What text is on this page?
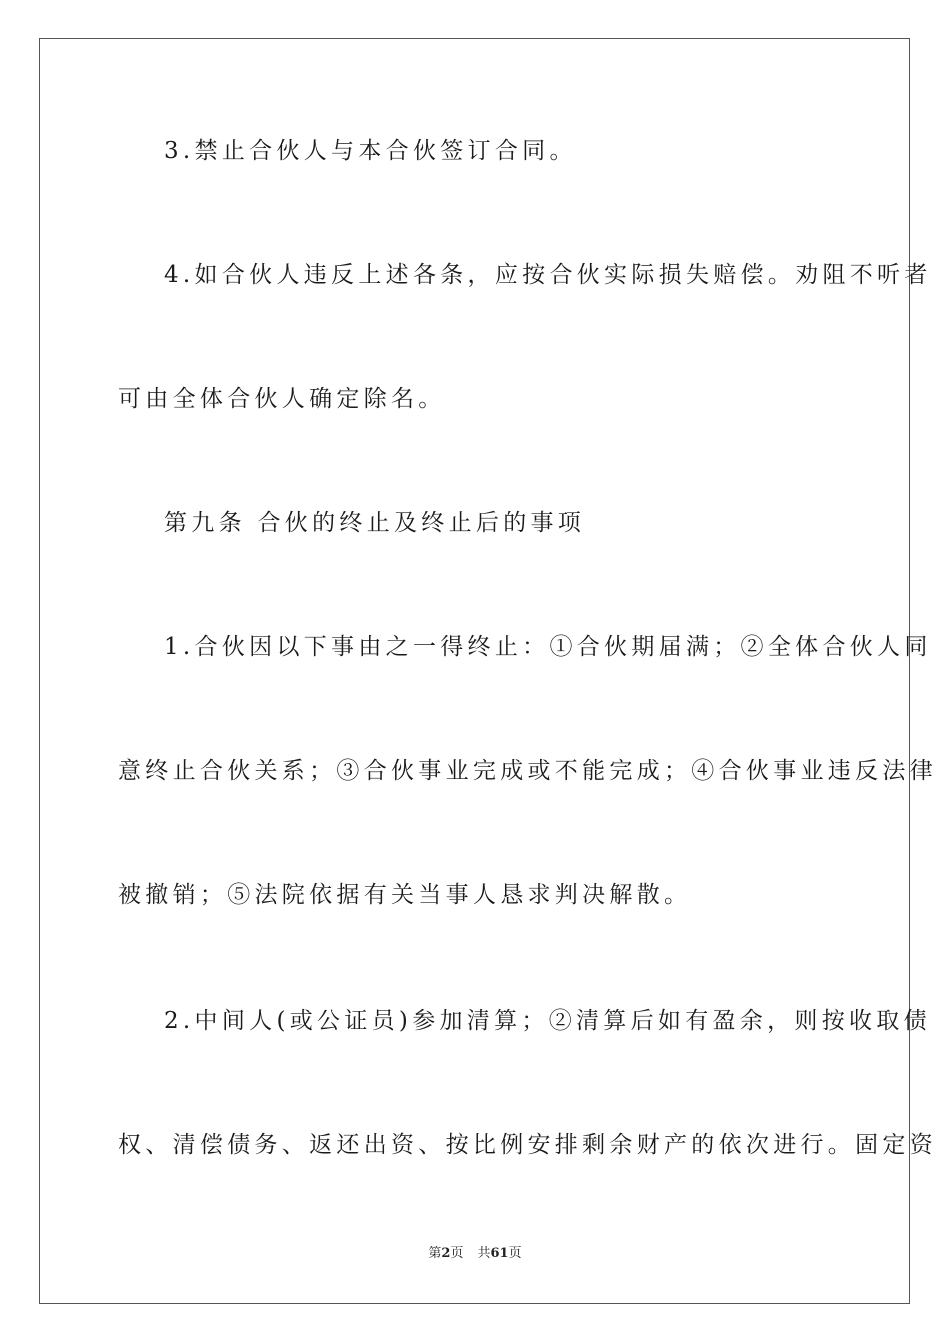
3.禁止合伙人与本合伙签订合同。
4.如合伙人违反上述各条，应按合伙实际损失赔偿。劝阻不听者
可由全体合伙人确定除名。
第九条 合伙的终止及终止后的事项
1.合伙因以下事由之一得终止：①合伙期届满；②全体合伙人同
意终止合伙关系；③合伙事业完成或不能完成；④合伙事业违反法律
被撤销；⑤法院依据有关当事人恳求判决解散。
2.中间人(或公证员)参加清算；②清算后如有盈余，则按收取债
权、清偿债务、返还出资、按比例安排剩余财产的依次进行。固定资
第2页 共61页
